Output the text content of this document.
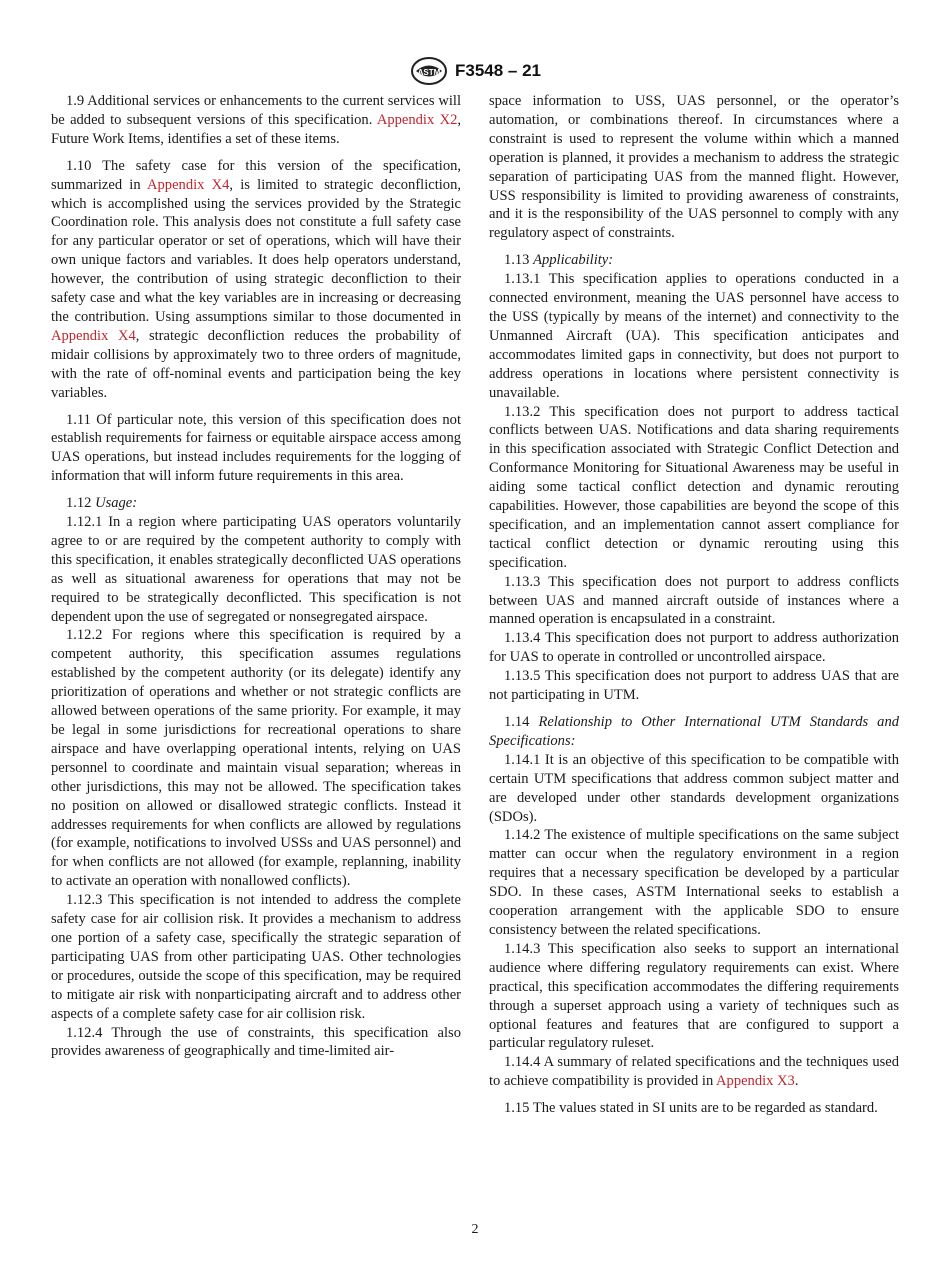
ASTM F3548 – 21

1.9 Additional services or enhancements to the current services will be added to subsequent versions of this specification. Appendix X2, Future Work Items, identifies a set of these items.

1.10 The safety case for this version of the specification, summarized in Appendix X4, is limited to strategic deconfliction, which is accomplished using the services provided by the Strategic Coordination role. This analysis does not constitute a full safety case for any particular operator or set of operations, which will have their own unique factors and variables. It does help operators understand, however, the contribution of using strategic deconfliction to their safety case and what the key variables are in increasing or decreasing the contribution. Using assumptions similar to those documented in Appendix X4, strategic deconfliction reduces the probability of midair collisions by approximately two to three orders of magnitude, with the rate of off-nominal events and participation being the key variables.

1.11 Of particular note, this version of this specification does not establish requirements for fairness or equitable airspace access among UAS operations, but instead includes requirements for the logging of information that will inform future requirements in this area.

1.12 Usage:

1.12.1 In a region where participating UAS operators voluntarily agree to or are required by the competent authority to comply with this specification, it enables strategically deconflicted UAS operations as well as situational awareness for operations that may not be required to be strategically deconflicted. This specification is not dependent upon the use of segregated or nonsegregated airspace.

1.12.2 For regions where this specification is required by a competent authority, this specification assumes regulations established by the competent authority (or its delegate) identify any prioritization of operations and whether or not strategic conflicts are allowed between operations of the same priority. For example, it may be legal in some jurisdictions for recreational operations to share airspace and have overlapping operational intents, relying on UAS personnel to coordinate and maintain visual separation; whereas in other jurisdictions, this may not be allowed. The specification takes no position on allowed or disallowed strategic conflicts. Instead it addresses requirements for when conflicts are allowed by regulations (for example, notifications to involved USSs and UAS personnel) and for when conflicts are not allowed (for example, replanning, inability to activate an operation with nonallowed conflicts).

1.12.3 This specification is not intended to address the complete safety case for air collision risk. It provides a mechanism to address one portion of a safety case, specifically the strategic separation of participating UAS from other participating UAS. Other technologies or procedures, outside the scope of this specification, may be required to mitigate air risk with nonparticipating aircraft and to address other aspects of a complete safety case for air collision risk.

1.12.4 Through the use of constraints, this specification also provides awareness of geographically and time-limited air-

space information to USS, UAS personnel, or the operator’s automation, or combinations thereof. In circumstances where a constraint is used to represent the volume within which a manned operation is planned, it provides a mechanism to address the strategic separation of participating UAS from the manned flight. However, USS responsibility is limited to providing awareness of constraints, and it is the responsibility of the UAS personnel to comply with any regulatory aspect of constraints.

1.13 Applicability:

1.13.1 This specification applies to operations conducted in a connected environment, meaning the UAS personnel have access to the USS (typically by means of the internet) and connectivity to the Unmanned Aircraft (UA). This specification anticipates and accommodates limited gaps in connectivity, but does not purport to address operations in locations where persistent connectivity is unavailable.

1.13.2 This specification does not purport to address tactical conflicts between UAS. Notifications and data sharing requirements in this specification associated with Strategic Conflict Detection and Conformance Monitoring for Situational Awareness may be useful in aiding some tactical conflict detection and dynamic rerouting capabilities. However, those capabilities are beyond the scope of this specification, and an implementation cannot assert compliance for tactical conflict detection or dynamic rerouting using this specification.

1.13.3 This specification does not purport to address conflicts between UAS and manned aircraft outside of instances where a manned operation is encapsulated in a constraint.

1.13.4 This specification does not purport to address authorization for UAS to operate in controlled or uncontrolled airspace.

1.13.5 This specification does not purport to address UAS that are not participating in UTM.

1.14 Relationship to Other International UTM Standards and Specifications:

1.14.1 It is an objective of this specification to be compatible with certain UTM specifications that address common subject matter and are developed under other standards development organizations (SDOs).

1.14.2 The existence of multiple specifications on the same subject matter can occur when the regulatory environment in a region requires that a necessary specification be developed by a particular SDO. In these cases, ASTM International seeks to establish a cooperation arrangement with the applicable SDO to ensure consistency between the related specifications.

1.14.3 This specification also seeks to support an international audience where differing regulatory requirements can exist. Where practical, this specification accommodates the differing requirements through a superset approach using a variety of techniques such as optional features and features that are configured to support a particular regulatory ruleset.

1.14.4 A summary of related specifications and the techniques used to achieve compatibility is provided in Appendix X3.

1.15 The values stated in SI units are to be regarded as standard.

2
